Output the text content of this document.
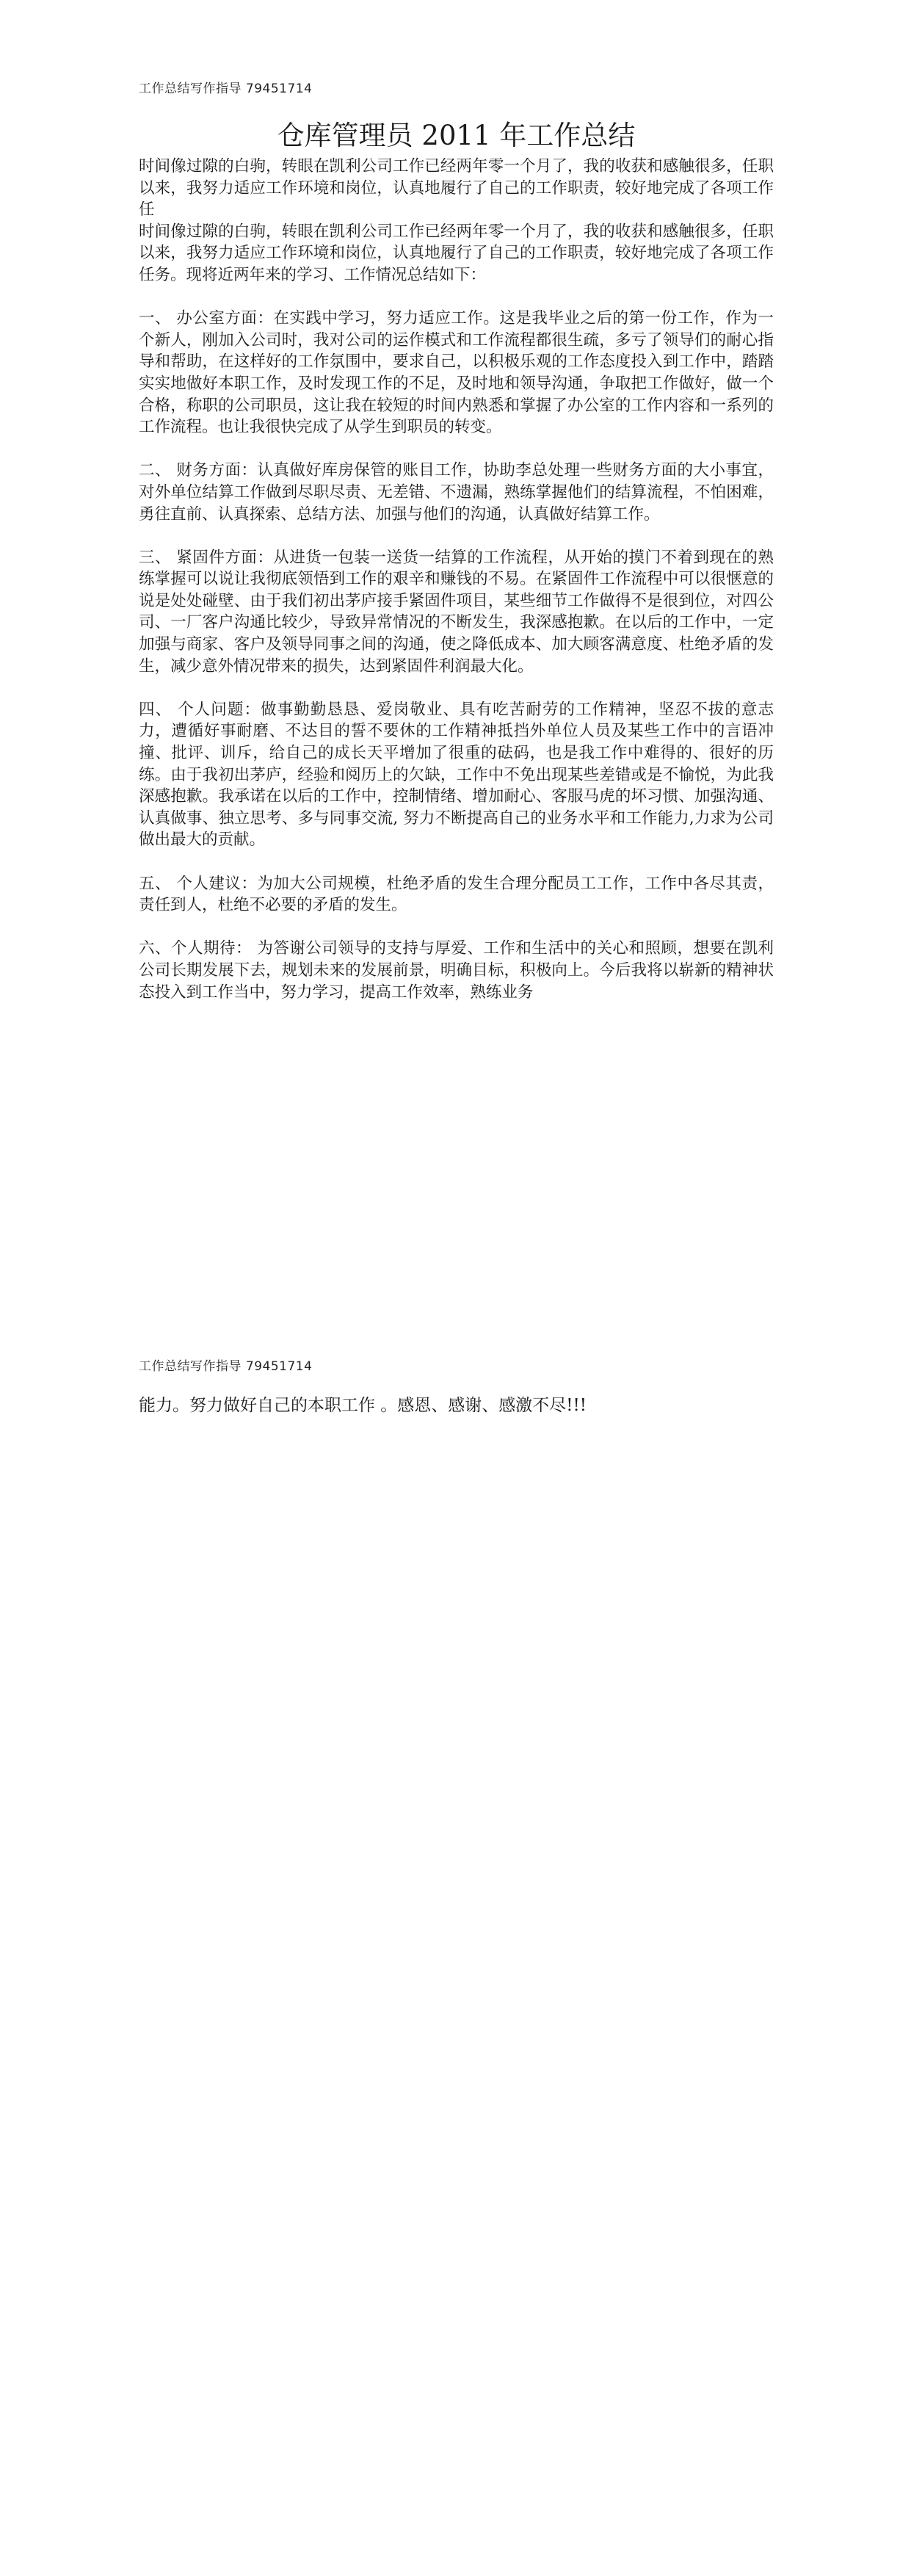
工作总结写作指导 79451714
仓库管理员 2011 年工作总结

时间像过隙的白驹，转眼在凯利公司工作已经两年零一个月了，我的收获和感触很多，任职以来，我努力适应工作环境和岗位，认真地履行了自己的工作职责，较好地完成了各项工作任

时间像过隙的白驹，转眼在凯利公司工作已经两年零一个月了，我的收获和感触很多，任职以来，我努力适应工作环境和岗位，认真地履行了自己的工作职责，较好地完成了各项工作任务。现将近两年来的学习、工作情况总结如下：

一、 办公室方面：在实践中学习，努力适应工作。这是我毕业之后的第一份工作，作为一个新人，刚加入公司时，我对公司的运作模式和工作流程都很生疏，多亏了领导们的耐心指导和帮助，在这样好的工作氛围中，要求自己，以积极乐观的工作态度投入到工作中，踏踏实实地做好本职工作，及时发现工作的不足，及时地和领导沟通，争取把工作做好，做一个合格，称职的公司职员，这让我在较短的时间内熟悉和掌握了办公室的工作内容和一系列的工作流程。也让我很快完成了从学生到职员的转变。

二、 财务方面：认真做好库房保管的账目工作，协助李总处理一些财务方面的大小事宜，对外单位结算工作做到尽职尽责、无差错、不遗漏，熟练掌握他们的结算流程，不怕困难，勇往直前、认真探索、总结方法、加强与他们的沟通，认真做好结算工作。

三、 紧固件方面：从进货一包装一送货一结算的工作流程，从开始的摸门不着到现在的熟练掌握可以说让我彻底领悟到工作的艰辛和赚钱的不易。在紧固件工作流程中可以很惬意的说是处处碰壁、由于我们初出茅庐接手紧固件项目，某些细节工作做得不是很到位，对四公司、一厂客户沟通比较少，导致异常情况的不断发生，我深感抱歉。在以后的工作中，一定加强与商家、客户及领导同事之间的沟通，使之降低成本、加大顾客满意度、杜绝矛盾的发生，减少意外情况带来的损失，达到紧固件利润最大化。

四、 个人问题：做事勤勤恳恳、爱岗敬业、具有吃苦耐劳的工作精神，坚忍不拔的意志力，遭循好事耐磨、不达目的誓不要休的工作精神抵挡外单位人员及某些工作中的言语冲撞、批评、训斥，给自己的成长天平增加了很重的砝码，也是我工作中难得的、很好的历练。由于我初出茅庐，经验和阅历上的欠缺，工作中不免出现某些差错或是不愉悦，为此我深感抱歉。我承诺在以后的工作中，控制情绪、增加耐心、客服马虎的坏习惯、加强沟通、认真做事、独立思考、多与同事交流, 努力不断提高自己的业务水平和工作能力,力求为公司做出最大的贡献。

五、 个人建议：为加大公司规模，杜绝矛盾的发生合理分配员工工作，工作中各尽其责，责任到人，杜绝不必要的矛盾的发生。

六、个人期待： 为答谢公司领导的支持与厚爱、工作和生活中的关心和照顾，想要在凯利公司长期发展下去，规划未来的发展前景，明确目标，积极向上。今后我将以崭新的精神状态投入到工作当中，努力学习，提高工作效率，熟练业务

工作总结写作指导 79451714
能力。努力做好自己的本职工作 。感恩、感谢、感激不尽!!!
